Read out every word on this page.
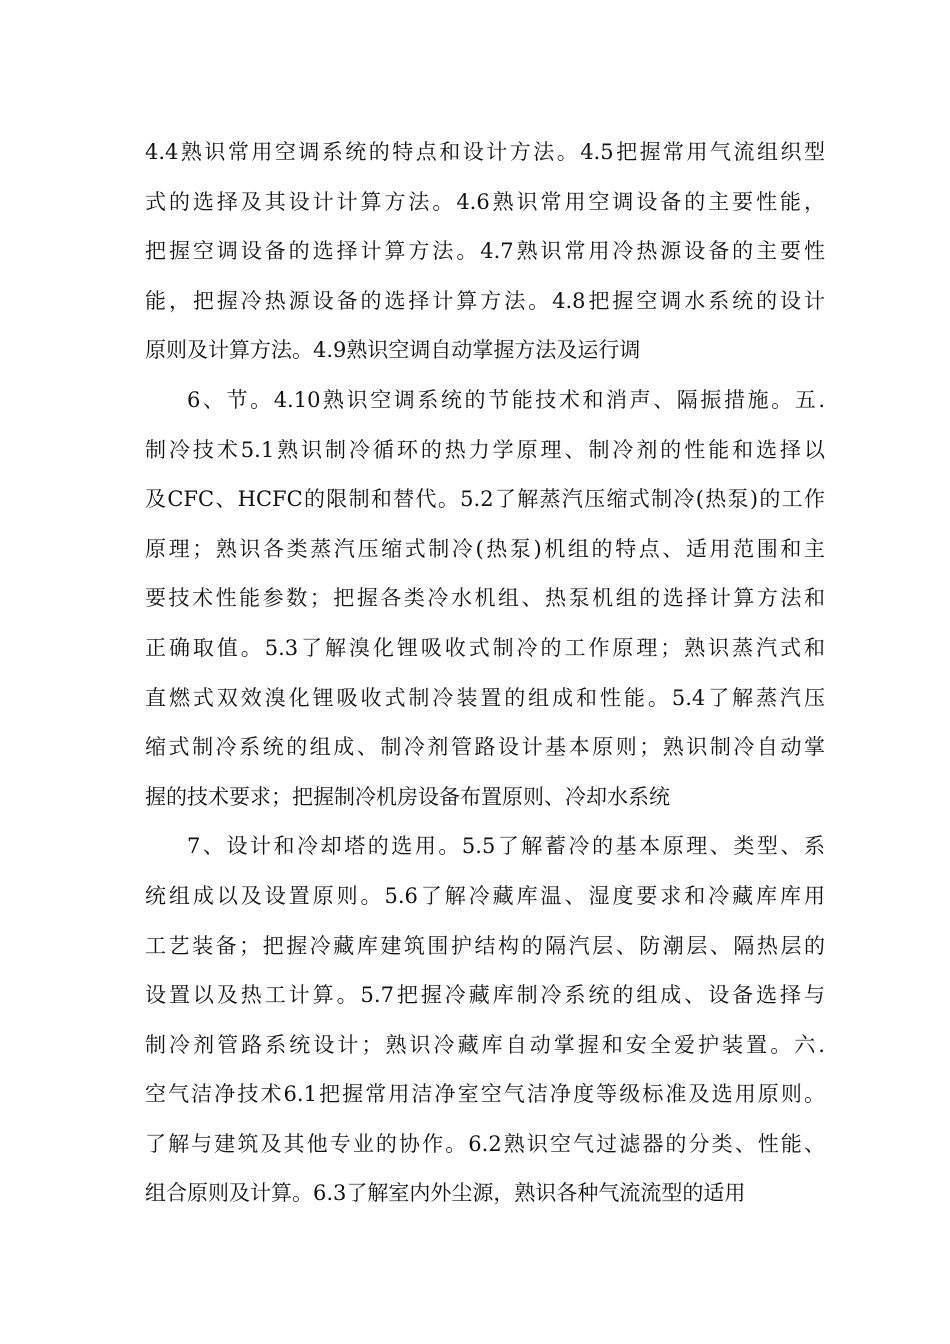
4.4熟识常用空调系统的特点和设计方法。4.5把握常用气流组织型
式的选择及其设计计算方法。4.6熟识常用空调设备的主要性能，
把握空调设备的选择计算方法。4.7熟识常用冷热源设备的主要性
能，把握冷热源设备的选择计算方法。4.8把握空调水系统的设计
原则及计算方法。4.9熟识空调自动掌握方法及运行调
6、节。4.10熟识空调系统的节能技术和消声、隔振措施。五.
制冷技术5.1熟识制冷循环的热力学原理、制冷剂的性能和选择以
及CFC、HCFC的限制和替代。5.2了解蒸汽压缩式制冷(热泵)的工作
原理；熟识各类蒸汽压缩式制冷(热泵)机组的特点、适用范围和主
要技术性能参数；把握各类冷水机组、热泵机组的选择计算方法和
正确取值。5.3了解溴化锂吸收式制冷的工作原理；熟识蒸汽式和
直燃式双效溴化锂吸收式制冷装置的组成和性能。5.4了解蒸汽压
缩式制冷系统的组成、制冷剂管路设计基本原则；熟识制冷自动掌
握的技术要求；把握制冷机房设备布置原则、冷却水系统
7、设计和冷却塔的选用。5.5了解蓄冷的基本原理、类型、系
统组成以及设置原则。5.6了解冷藏库温、湿度要求和冷藏库库用
工艺装备；把握冷藏库建筑围护结构的隔汽层、防潮层、隔热层的
设置以及热工计算。5.7把握冷藏库制冷系统的组成、设备选择与
制冷剂管路系统设计；熟识冷藏库自动掌握和安全爱护装置。六.
空气洁净技术6.1把握常用洁净室空气洁净度等级标准及选用原则。
了解与建筑及其他专业的协作。6.2熟识空气过滤器的分类、性能、
组合原则及计算。6.3了解室内外尘源，熟识各种气流流型的适用
